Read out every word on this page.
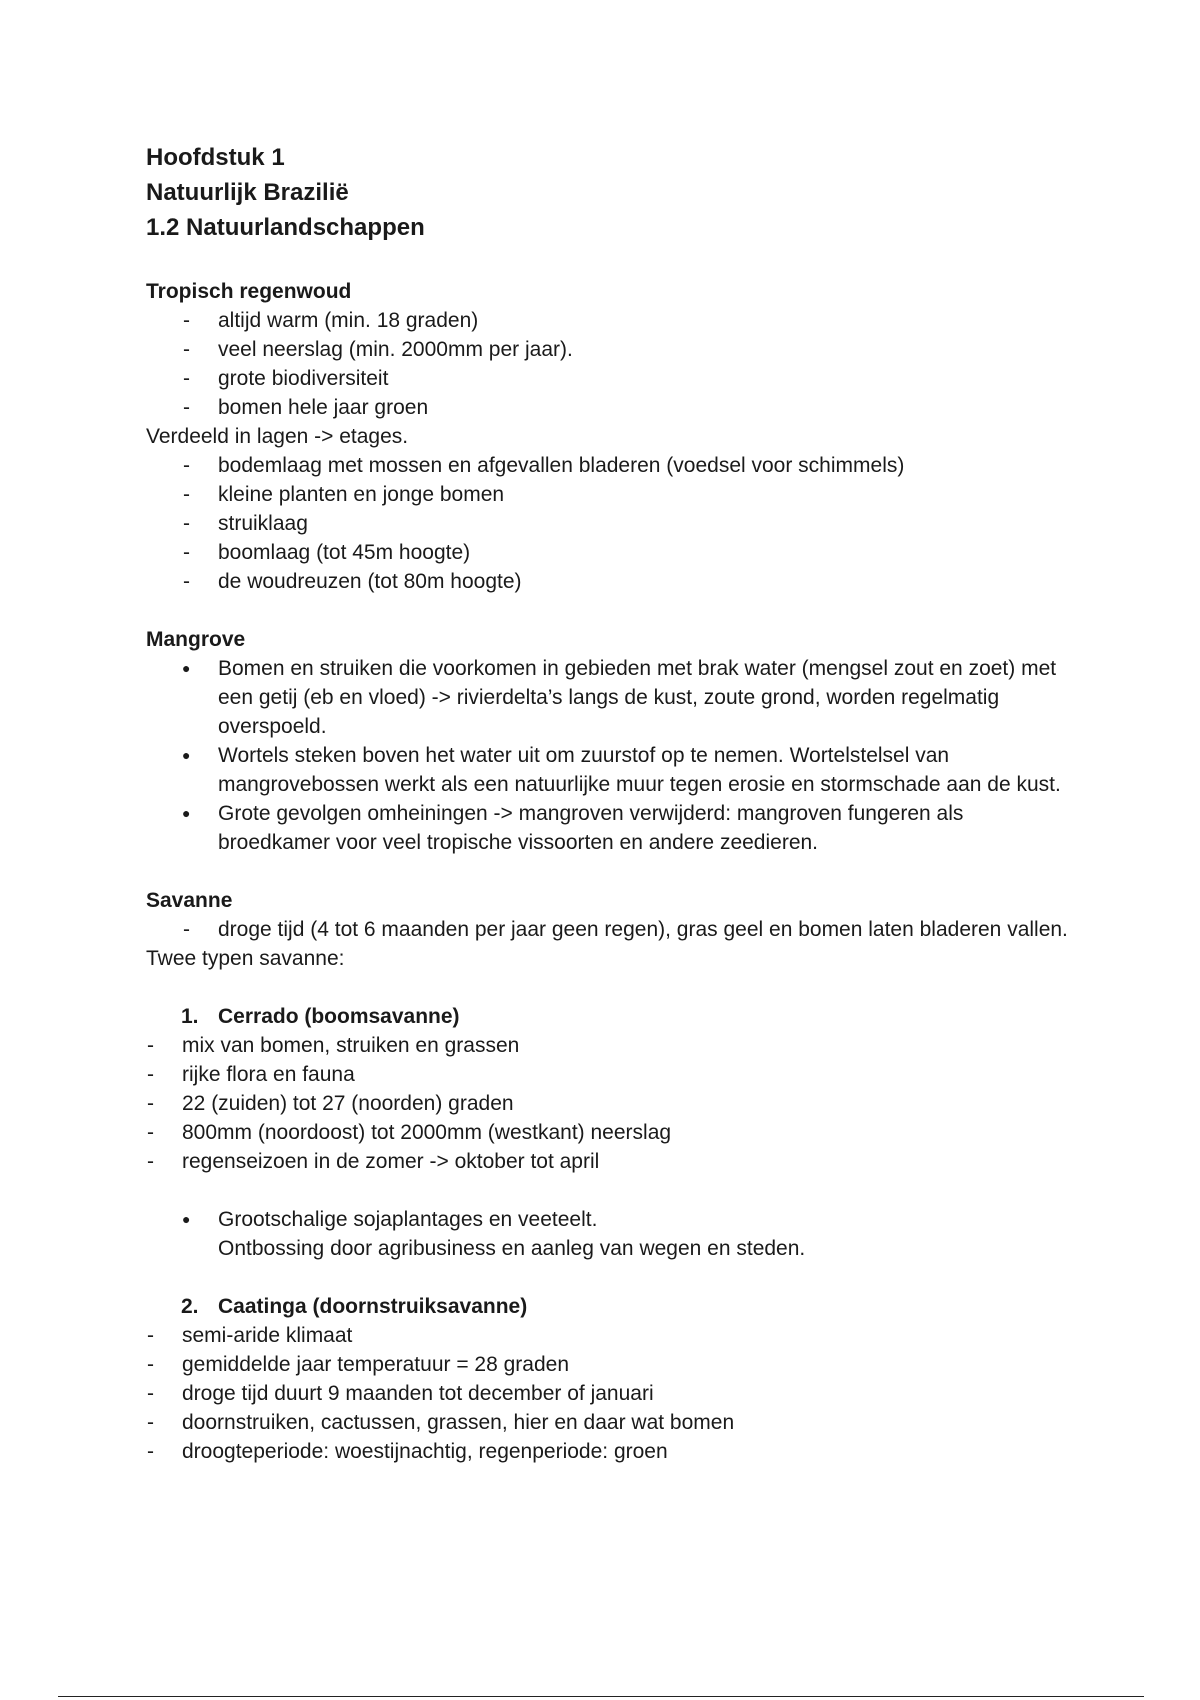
Hoofdstuk 1
Natuurlijk Brazilië
1.2 Natuurlandschappen

Tropisch regenwoud

- altijd warm (min. 18 graden)
- veel neerslag (min. 2000mm per jaar).
- grote biodiversiteit
- bomen hele jaar groen

Verdeeld in lagen -> etages.

- bodemlaag met mossen en afgevallen bladeren (voedsel voor schimmels)
- kleine planten en jonge bomen
- struiklaag
- boomlaag (tot 45m hoogte)
- de woudreuzen (tot 80m hoogte)

Mangrove

● Bomen en struiken die voorkomen in gebieden met brak water (mengsel zout en zoet) met een getij (eb en vloed) -> rivierdelta’s langs de kust, zoute grond, worden regelmatig overspoeld.
● Wortels steken boven het water uit om zuurstof op te nemen. Wortelstelsel van mangrovebossen werkt als een natuurlijke muur tegen erosie en stormschade aan de kust.
● Grote gevolgen omheiningen -> mangroven verwijderd: mangroven fungeren als broedkamer voor veel tropische vissoorten en andere zeedieren.

Savanne

- droge tijd (4 tot 6 maanden per jaar geen regen), gras geel en bomen laten bladeren vallen.

Twee typen savanne:

1. Cerrado (boomsavanne)

- mix van bomen, struiken en grassen
- rijke flora en fauna
- 22 (zuiden) tot 27 (noorden) graden
- 800mm (noordoost) tot 2000mm (westkant) neerslag
- regenseizoen in de zomer -> oktober tot april
● Grootschalige sojaplantages en veeteelt.
Ontbossing door agribusiness en aanleg van wegen en steden.

2. Caatinga (doornstruiksavanne)

- semi-aride klimaat
- gemiddelde jaar temperatuur = 28 graden
- droge tijd duurt 9 maanden tot december of januari
- doornstruiken, cactussen, grassen, hier en daar wat bomen
- droogteperiode: woestijnachtig, regenperiode: groen
